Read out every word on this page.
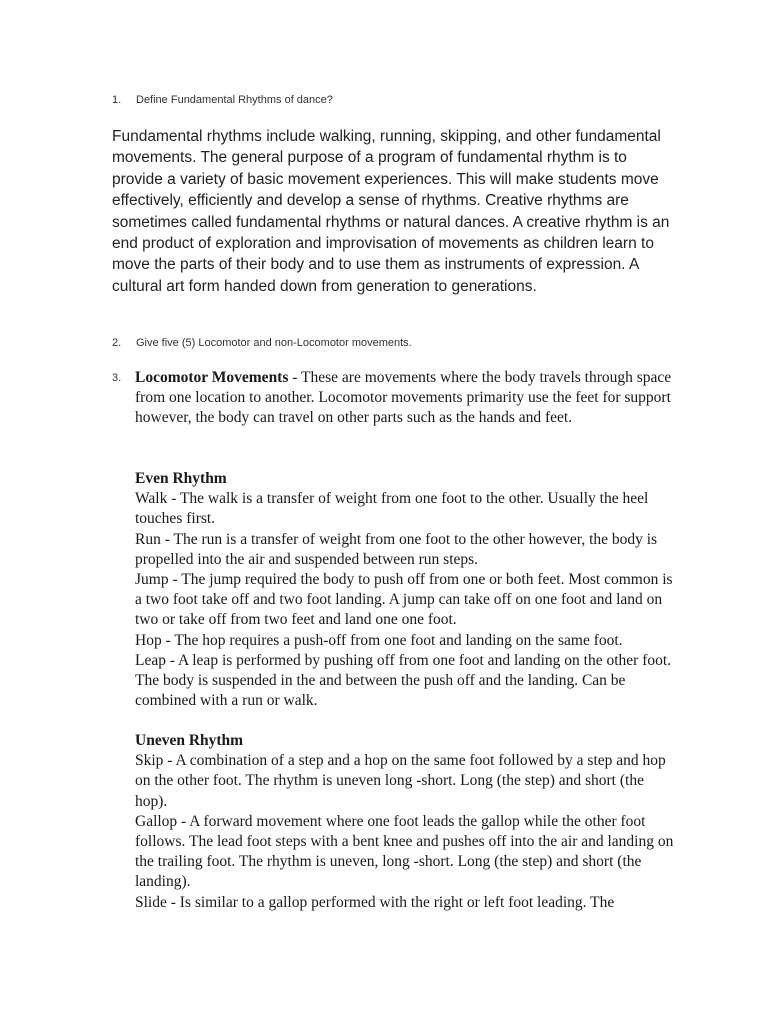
1. Define Fundamental Rhythms of dance?

Fundamental rhythms include walking, running, skipping, and other fundamental movements. The general purpose of a program of fundamental rhythm is to provide a variety of basic movement experiences. This will make students move effectively, efficiently and develop a sense of rhythms. Creative rhythms are sometimes called fundamental rhythms or natural dances. A creative rhythm is an end product of exploration and improvisation of movements as children learn to move the parts of their body and to use them as instruments of expression. A cultural art form handed down from generation to generations.

2. Give five (5) Locomotor and non-Locomotor movements.
3. Locomotor Movements - These are movements where the body travels through space from one location to another. Locomotor movements primarity use the feet for support however, the body can travel on other parts such as the hands and feet.

Even Rhythm

Walk - The walk is a transfer of weight from one foot to the other. Usually the heel touches first.

Run - The run is a transfer of weight from one foot to the other however, the body is propelled into the air and suspended between run steps.

Jump - The jump required the body to push off from one or both feet. Most common is a two foot take off and two foot landing. A jump can take off on one foot and land on two or take off from two feet and land one one foot.

Hop - The hop requires a push-off from one foot and landing on the same foot.

Leap - A leap is performed by pushing off from one foot and landing on the other foot. The body is suspended in the and between the push off and the landing. Can be combined with a run or walk.

Uneven Rhythm

Skip - A combination of a step and a hop on the same foot followed by a step and hop on the other foot. The rhythm is uneven long -short. Long (the step) and short (the hop).

Gallop - A forward movement where one foot leads the gallop while the other foot follows. The lead foot steps with a bent knee and pushes off into the air and landing on the trailing foot. The rhythm is uneven, long -short. Long (the step) and short (the landing).

Slide - Is similar to a gallop performed with the right or left foot leading. The
